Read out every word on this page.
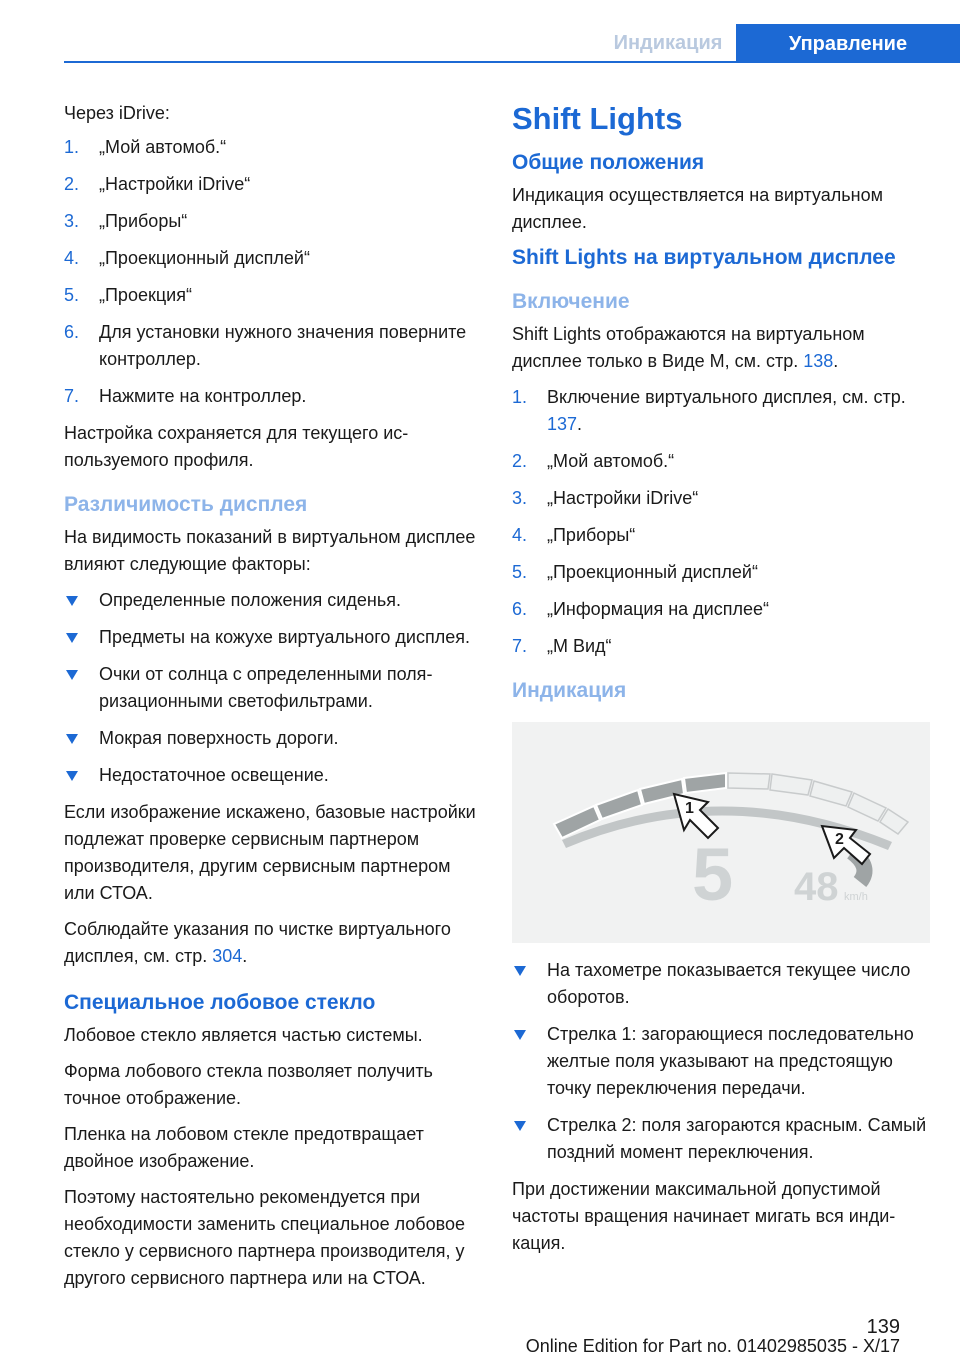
Индикация	Управление

Через iDrive:

1. „Мой автомоб.“
2. „Настройки iDrive“
3. „Приборы“
4. „Проекционный дисплей“
5. „Проекция“
6. Для установки нужного значения поверните контроллер.
7. Нажмите на контроллер.

Настройка сохраняется для текущего используемого профиля.

Различимость дисплея

На видимость показаний в виртуальном дисплее влияют следующие факторы:

Определенные положения сиденья.
Предметы на кожухе виртуального дисплея.
Очки от солнца с определенными поляризационными светофильтрами.
Мокрая поверхность дороги.
Недостаточное освещение.

Если изображение искажено, базовые настройки подлежат проверке сервисным партнером производителя, другим сервисным партнером или СТОА.

Соблюдайте указания по чистке виртуального дисплея, см. стр. 304.

Специальное лобовое стекло

Лобовое стекло является частью системы.

Форма лобового стекла позволяет получить точное отображение.

Пленка на лобовом стекле предотвращает двойное изображение.

Поэтому настоятельно рекомендуется при необходимости заменить специальное лобовое стекло у сервисного партнера производителя, у другого сервисного партнера или на СТОА.

Shift Lights
Общие положения

Индикация осуществляется на виртуальном дисплее.

Shift Lights на виртуальном дисплее
Включение

Shift Lights отображаются на виртуальном дисплее только в Виде М, см. стр. 138.

1. Включение виртуального дисплея, см. стр. 137.
2. „Мой автомоб.“
3. „Настройки iDrive“
4. „Приборы“
5. „Проекционный дисплей“
6. „Информация на дисплее“
7. „М Вид“
Индикация
1
2
5 48 km/h
На тахометре показывается текущее число оборотов.
Стрелка 1: загорающиеся последовательно желтые поля указывают на предстоящую точку переключения передачи.
Стрелка 2: поля загораются красным. Самый поздний момент переключения.

При достижении максимальной допустимой частоты вращения начинает мигать вся индикация.

139
Online Edition for Part no. 01402985035 - X/17
